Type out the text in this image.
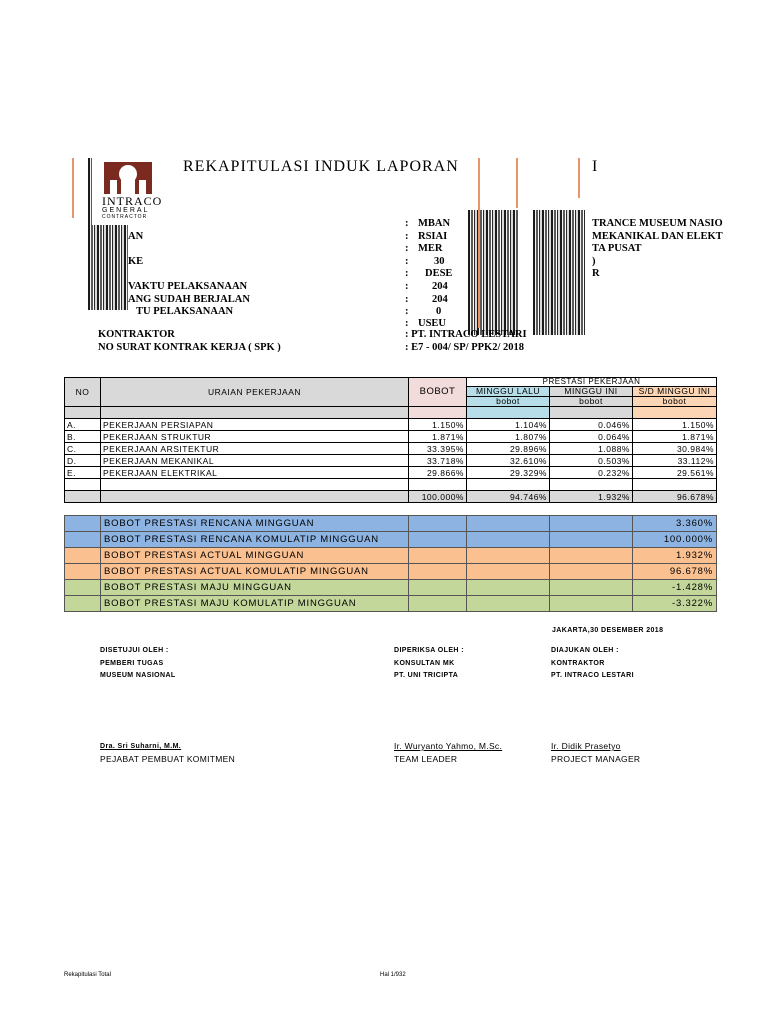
REKAPITULASI INDUK LAPORAN	I
INTRACO
GENERAL
CONTRACTOR
: MBAN	TRANCE MUSEUM NASIO
AN	: RSIAI	MEKANIKAL DAN ELEKT
: MER	TA PUSAT
KE	: 30	)
: DESE	R
VAKTU PELAKSANAAN	: 204
ANG SUDAH BERJALAN	: 204
TU PELAKSANAAN	:	0
: USEU
KONTRAKTOR	: PT. INTRACO LESTARI
NO SURAT KONTRAK KERJA ( SPK )	: E7 - 004/ SP/ PPK2/ 2018
NO	URAIAN PEKERJAAN	BOBOT	PRESTASI PEKERJAAN		
			MINGGU LALU	MINGGU INI	S/D MINGGU INI
			bobot	bobot	bobot

A.	PEKERJAAN PERSIAPAN	1.150%	1.104%	0.046%	1.150%
B.	PEKERJAAN STRUKTUR	1.871%	1.807%	0.064%	1.871%
C.	PEKERJAAN ARSITEKTUR	33.395%	29.896%	1.088%	30.984%
D.	PEKERJAAN MEKANIKAL	33.718%	32.610%	0.503%	33.112%
E.	PEKERJAAN ELEKTRIKAL	29.866%	29.329%	0.232%	29.561%

		100.000%	94.746%	1.932%	96.678%
	BOBOT PRESTASI RENCANA MINGGUAN				3.360%
	BOBOT PRESTASI RENCANA KOMULATIP MINGGUAN				100.000%
	BOBOT PRESTASI ACTUAL MINGGUAN				1.932%
	BOBOT PRESTASI ACTUAL KOMULATIP MINGGUAN				96.678%
	BOBOT PRESTASI MAJU MINGGUAN				-1.428%
	BOBOT PRESTASI MAJU KOMULATIP MINGGUAN				-3.322%
JAKARTA,30 DESEMBER 2018
DISETUJUI OLEH :
PEMBERI TUGAS
MUSEUM NASIONAL
Dra. Sri Suharni, M.M.
PEJABAT PEMBUAT KOMITMEN
DIPERIKSA OLEH :
KONSULTAN MK
PT. UNI TRICIPTA
Ir. Wuryanto Yahmo, M.Sc.
TEAM LEADER
DIAJUKAN OLEH :
KONTRAKTOR
PT. INTRACO LESTARI
Ir. Didik Prasetyo
PROJECT MANAGER
Rekapitulasi Total	Hal 1/932
